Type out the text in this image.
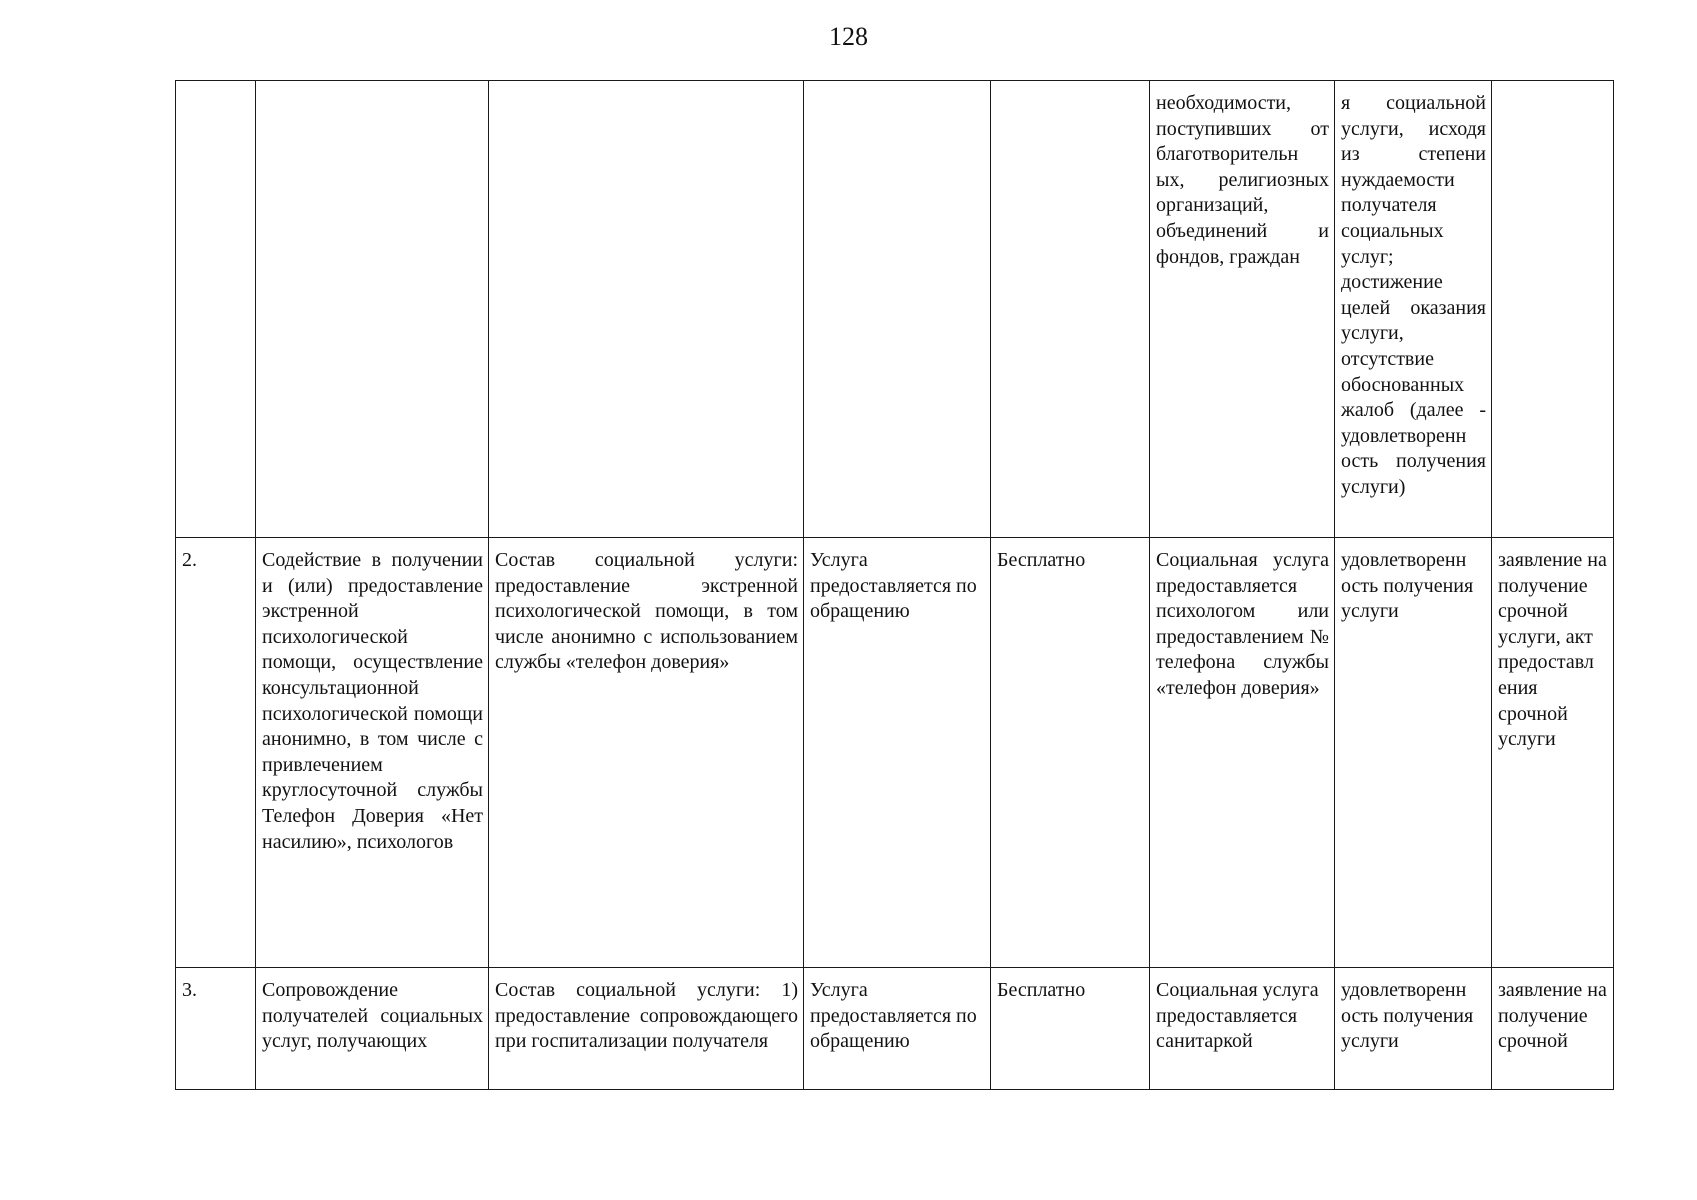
128

					необходимости, поступивших от благотворительн ых, религиозных организаций, объединений и фондов, граждан	я социальной услуги, исходя из степени нуждаемости получателя социальных услуг; достижение целей оказания услуги, отсутствие обоснованных жалоб (далее - удовлетворенн ость получения услуги)	

2.	Содействие в получении и (или) предоставление экстренной психологической помощи, осуществление консультационной психологической помощи анонимно, в том числе с привлечением круглосуточной службы Телефон Доверия «Нет насилию», психологов	Состав социальной услуги: предоставление экстренной психологической помощи, в том числе анонимно с использованием службы «телефон доверия»	Услуга предоставляется по обращению	Бесплатно	Социальная услуга предоставляется психологом или предоставлением № телефона службы «телефон доверия»	удовлетворенн ость получения услуги	заявление на получение срочной услуги, акт предоставл ения срочной услуги

3.	Сопровождение получателей социальных услуг, получающих	Состав социальной услуги: 1) предоставление сопровождающего при госпитализации получателя	Услуга предоставляется по обращению	Бесплатно	Социальная услуга предоставляется санитаркой	удовлетворенн ость получения услуги	заявление на получение срочной
